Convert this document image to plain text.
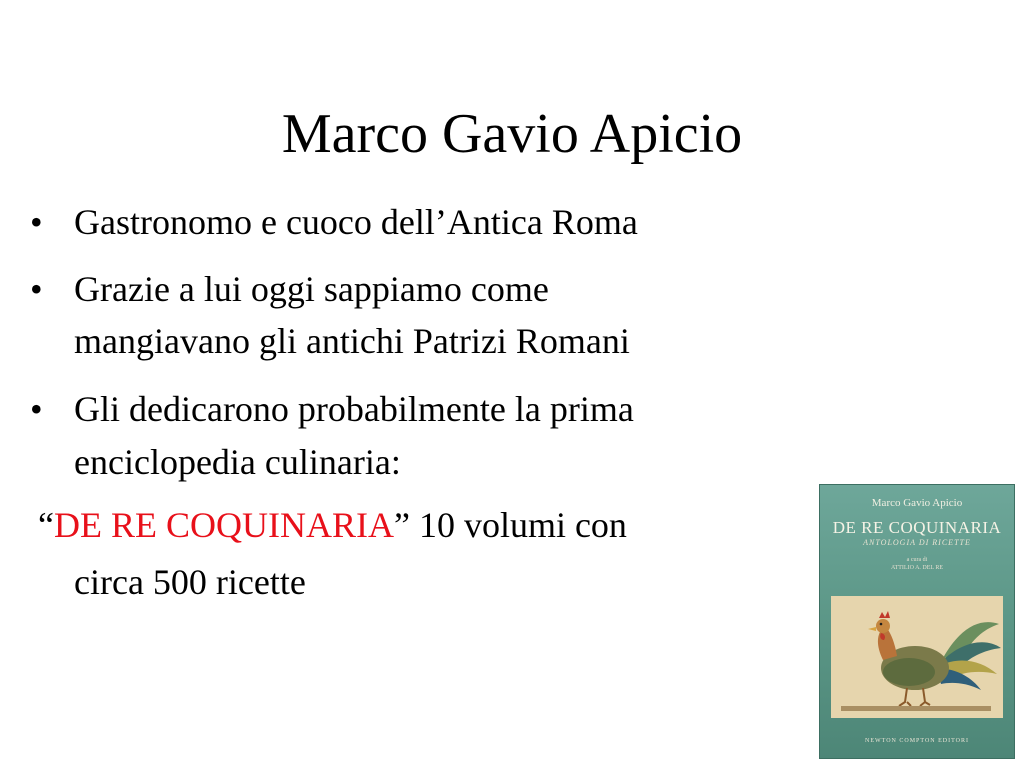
Marco Gavio Apicio
• Gastronomo e cuoco dell’Antica Roma
• Grazie a lui oggi sappiamo come
mangiavano gli antichi Patrizi Romani
• Gli dedicarono probabilmente la prima
enciclopedia culinaria:
“DE RE COQUINARIA” 10 volumi con
circa 500 ricette
Marco Gavio Apicio
DE RE COQUINARIA
ANTOLOGIA DI RICETTE
a cura di
ATTILIO A. DEL RE
NEWTON COMPTON EDITORI
